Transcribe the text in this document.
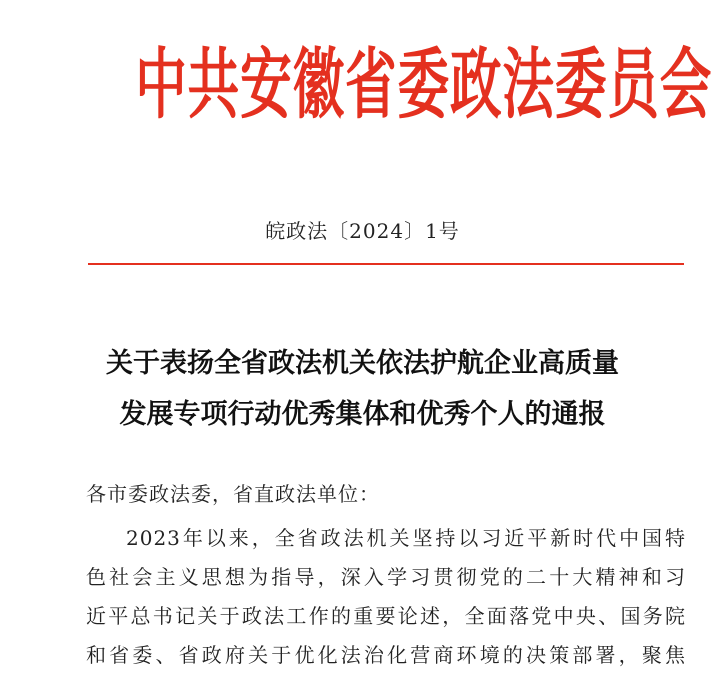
中共安徽省委政法委员会
皖政法〔2024〕1号
关于表扬全省政法机关依法护航企业高质量
发展专项行动优秀集体和优秀个人的通报
各市委政法委，省直政法单位：
2023年以来，全省政法机关坚持以习近平新时代中国特
色社会主义思想为指导，深入学习贯彻党的二十大精神和习
近平总书记关于政法工作的重要论述，全面落党中央、国务院
和省委、省政府关于优化法治化营商环境的决策部署，聚焦
